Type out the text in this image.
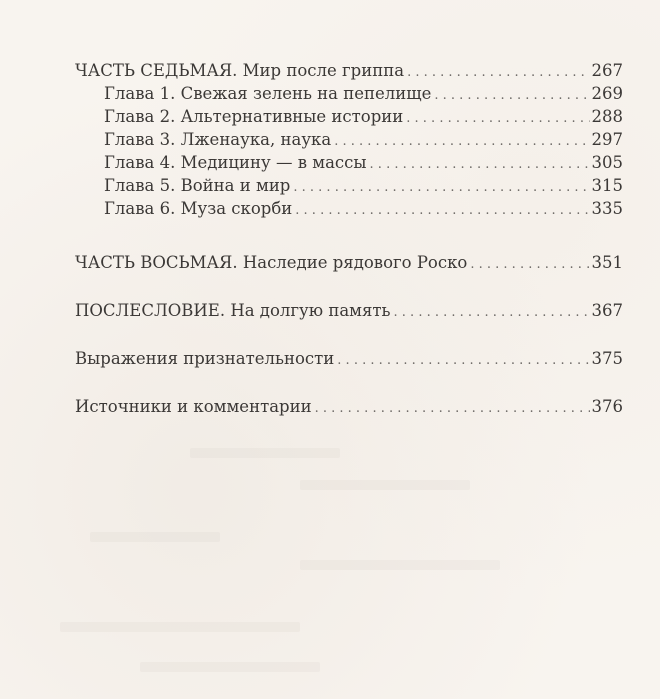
ЧАСТЬ СЕДЬМАЯ. Мир после гриппа . . .	267
Глава 1. Свежая зелень на пепелище . . .	269
Глава 2. Альтернативные истории . . .	288
Глава 3. Лженаука, наука . . .	297
Глава 4. Медицину — в массы . . .	305
Глава 5. Война и мир . . .	315
Глава 6. Муза скорби . . .	335
ЧАСТЬ ВОСЬМАЯ. Наследие рядового Роско . . .	351
ПОСЛЕСЛОВИЕ. На долгую память . . .	367
Выражения признательности . . .	375
Источники и комментарии . . .	376
